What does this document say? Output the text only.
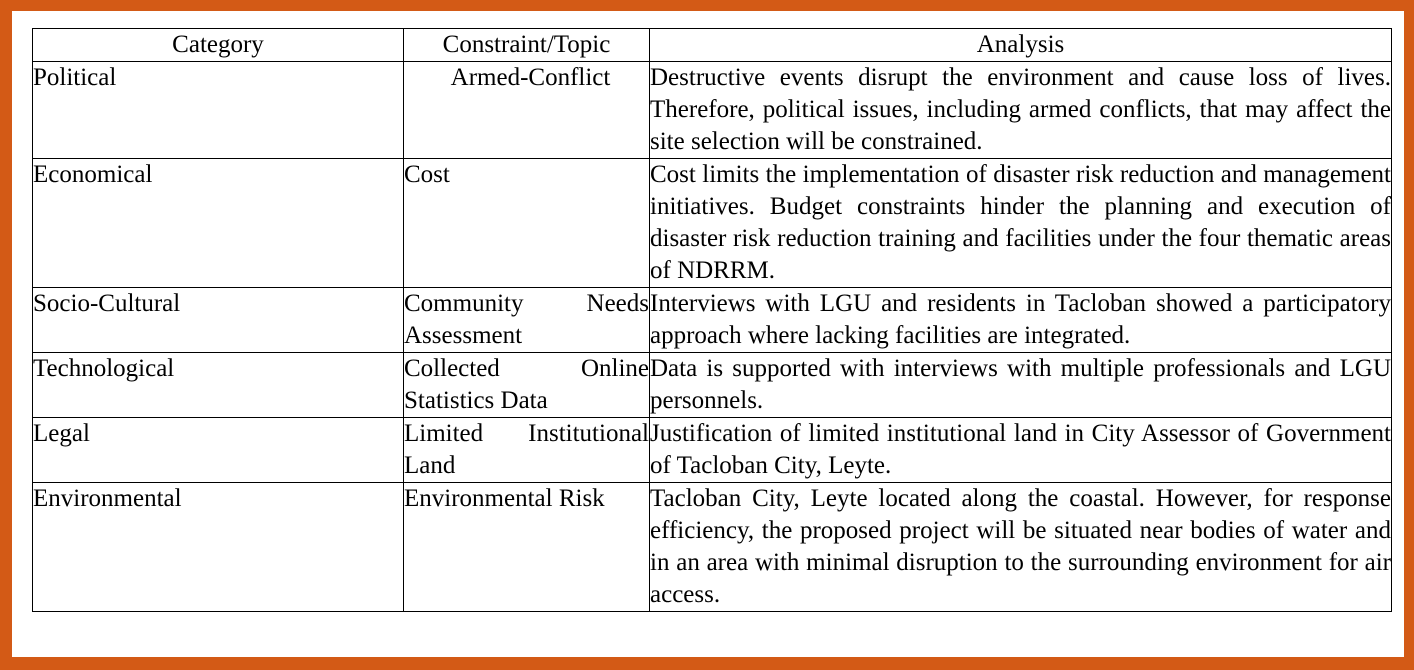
Category	Constraint/Topic	Analysis
Political	Armed-Conflict	Destructive events disrupt the environment and cause loss of lives. Therefore, political issues, including armed conflicts, that may affect the site selection will be constrained.
Economical	Cost	Cost limits the implementation of disaster risk reduction and management initiatives. Budget constraints hinder the planning and execution of disaster risk reduction training and facilities under the four thematic areas of NDRRM.
Socio-Cultural	Community Needs Assessment	Interviews with LGU and residents in Tacloban showed a participatory approach where lacking facilities are integrated.
Technological	Collected Online Statistics Data	Data is supported with interviews with multiple professionals and LGU personnels.
Legal	Limited Institutional Land	Justification of limited institutional land in City Assessor of Government of Tacloban City, Leyte.
Environmental	Environmental Risk	Tacloban City, Leyte located along the coastal. However, for response efficiency, the proposed project will be situated near bodies of water and in an area with minimal disruption to the surrounding environment for air access.
